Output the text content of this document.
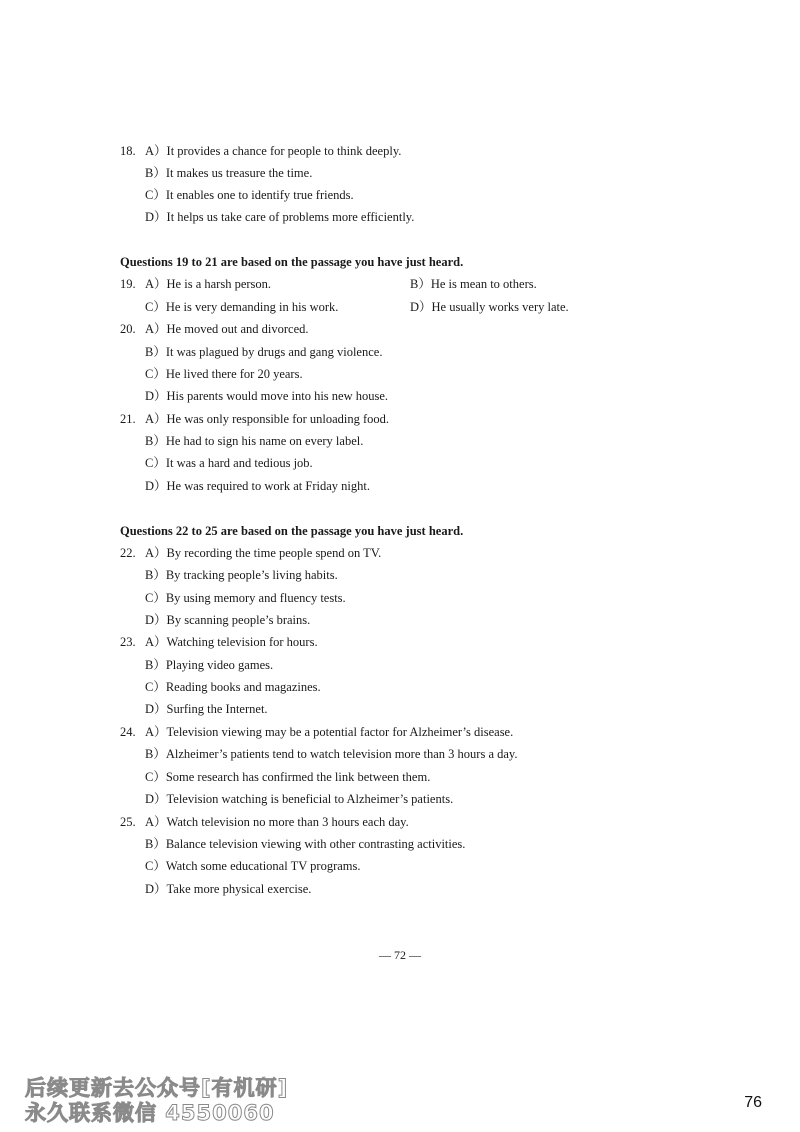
18. A）It provides a chance for people to think deeply.
B）It makes us treasure the time.
C）It enables one to identify true friends.
D）It helps us take care of problems more efficiently.
Questions 19 to 21 are based on the passage you have just heard.
19. A）He is a harsh person.	B）He is mean to others.
C）He is very demanding in his work.	D）He usually works very late.
20. A）He moved out and divorced.
B）It was plagued by drugs and gang violence.
C）He lived there for 20 years.
D）His parents would move into his new house.
21. A）He was only responsible for unloading food.
B）He had to sign his name on every label.
C）It was a hard and tedious job.
D）He was required to work at Friday night.
Questions 22 to 25 are based on the passage you have just heard.
22. A）By recording the time people spend on TV.
B）By tracking people’s living habits.
C）By using memory and fluency tests.
D）By scanning people’s brains.
23. A）Watching television for hours.
B）Playing video games.
C）Reading books and magazines.
D）Surfing the Internet.
24. A）Television viewing may be a potential factor for Alzheimer’s disease.
B）Alzheimer’s patients tend to watch television more than 3 hours a day.
C）Some research has confirmed the link between them.
D）Television watching is beneficial to Alzheimer’s patients.
25. A）Watch television no more than 3 hours each day.
B）Balance television viewing with other contrasting activities.
C）Watch some educational TV programs.
D）Take more physical exercise.
— 72 —
后续更新去公众号[有机研]
永久联系微信 4550060	76
